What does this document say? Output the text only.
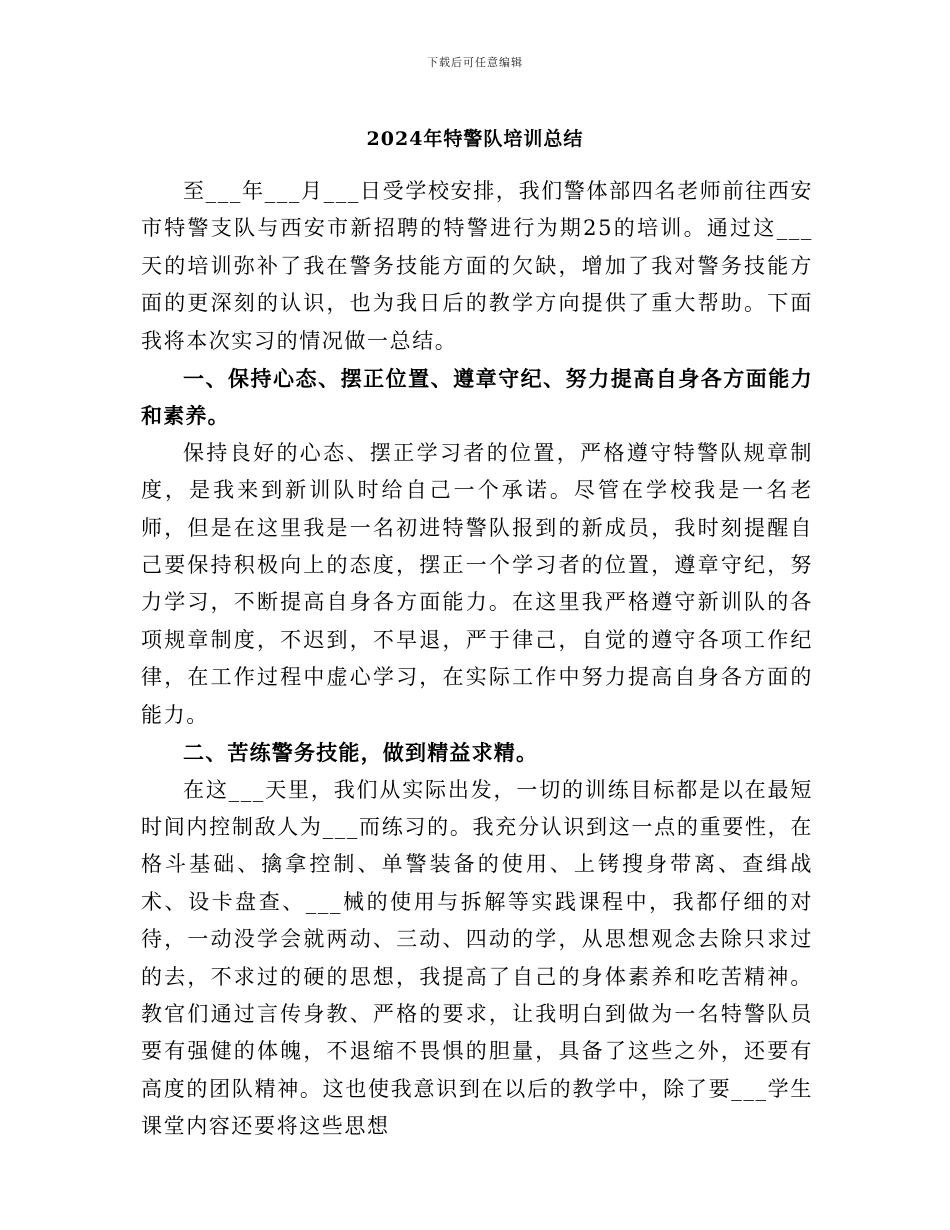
下载后可任意编辑
2024年特警队培训总结

至___年___月___日受学校安排，我们警体部四名老师前往西安市特警支队与西安市新招聘的特警进行为期25的培训。通过这___天的培训弥补了我在警务技能方面的欠缺，增加了我对警务技能方面的更深刻的认识，也为我日后的教学方向提供了重大帮助。下面我将本次实习的情况做一总结。

一、保持心态、摆正位置、遵章守纪、努力提高自身各方面能力和素养。

保持良好的心态、摆正学习者的位置，严格遵守特警队规章制度，是我来到新训队时给自己一个承诺。尽管在学校我是一名老师，但是在这里我是一名初进特警队报到的新成员，我时刻提醒自己要保持积极向上的态度，摆正一个学习者的位置，遵章守纪，努力学习，不断提高自身各方面能力。在这里我严格遵守新训队的各项规章制度，不迟到，不早退，严于律己，自觉的遵守各项工作纪律，在工作过程中虚心学习，在实际工作中努力提高自身各方面的能力。

二、苦练警务技能，做到精益求精。

在这___天里，我们从实际出发，一切的训练目标都是以在最短时间内控制敌人为___而练习的。我充分认识到这一点的重要性，在格斗基础、擒拿控制、单警装备的使用、上铐搜身带离、查缉战术、设卡盘查、___械的使用与拆解等实践课程中，我都仔细的对待，一动没学会就两动、三动、四动的学，从思想观念去除只求过的去，不求过的硬的思想，我提高了自己的身体素养和吃苦精神。教官们通过言传身教、严格的要求，让我明白到做为一名特警队员要有强健的体魄，不退缩不畏惧的胆量，具备了这些之外，还要有高度的团队精神。这也使我意识到在以后的教学中，除了要___学生课堂内容还要将这些思想
